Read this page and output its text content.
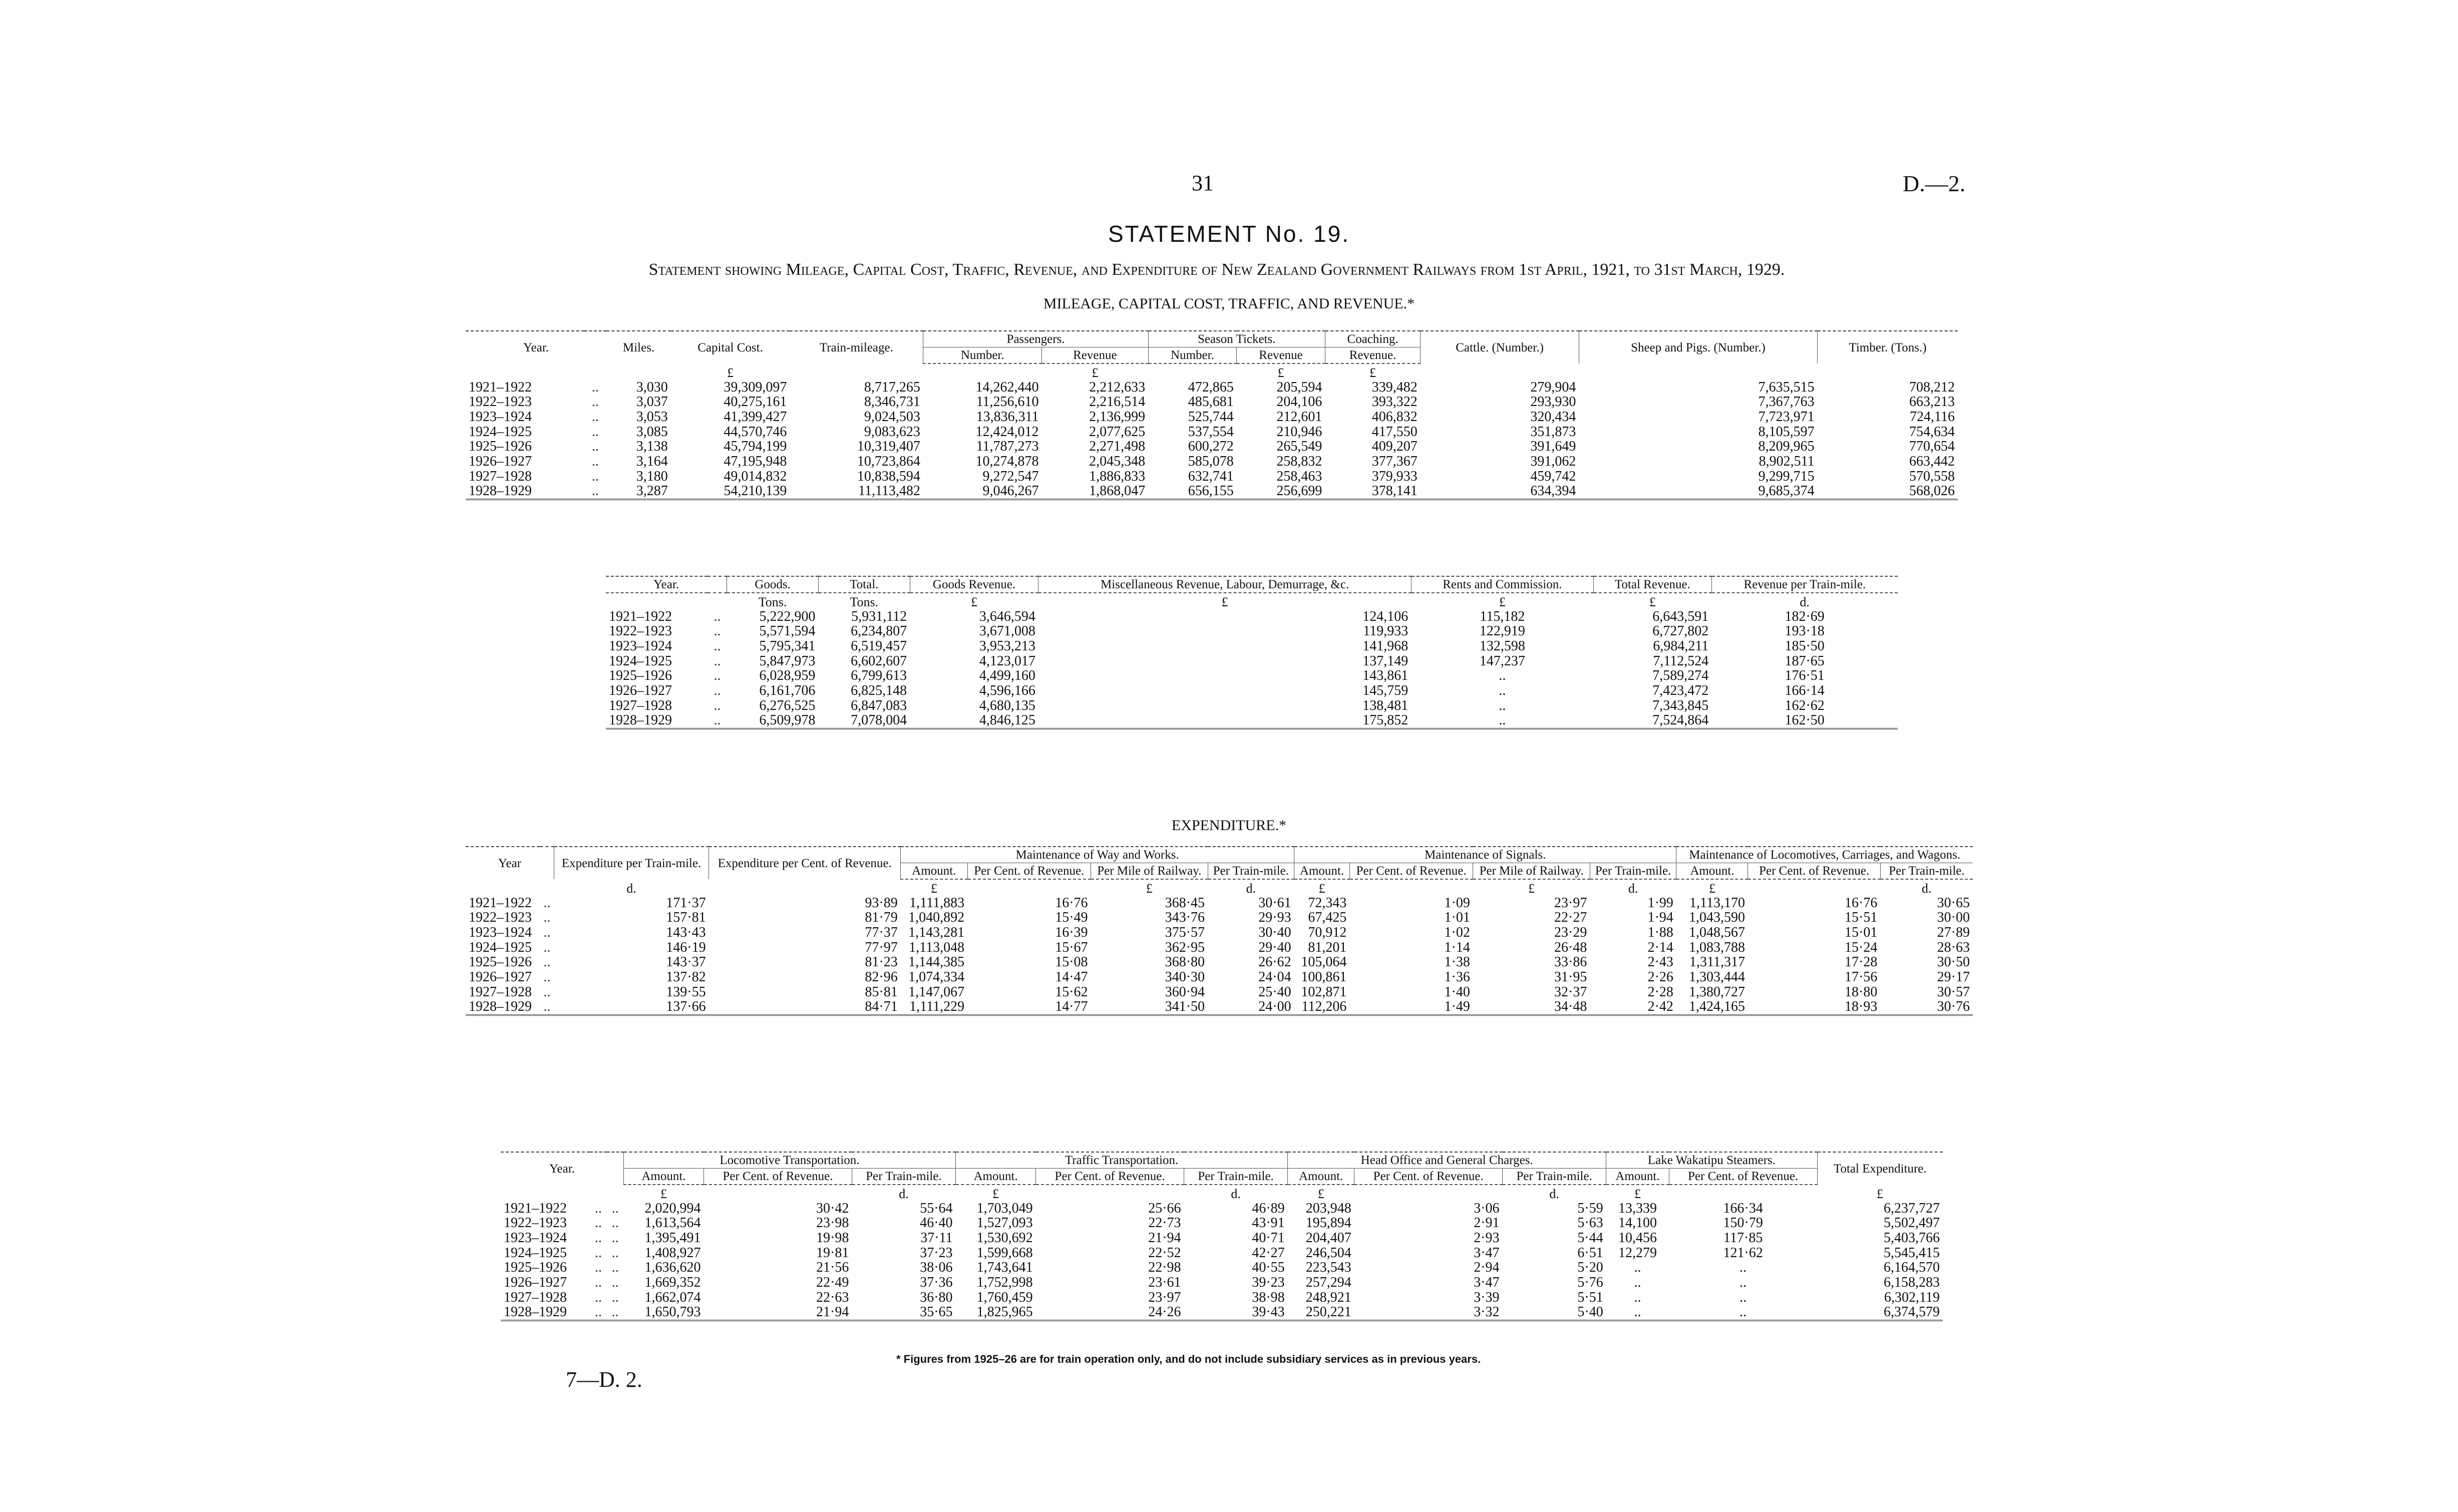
31	D.—2.
STATEMENT No. 19.
Statement showing Mileage, Capital Cost, Traffic, Revenue, and Expenditure of New Zealand Government Railways from 1st April, 1921, to 31st March, 1929.
MILEAGE, CAPITAL COST, TRAFFIC, AND REVENUE.*
Year.		Miles.	Capital Cost.	Train-mileage.	Passengers.		Season Tickets.		Coaching.	Cattle. (Number.)	Sheep and Pigs. (Number.)	Timber. (Tons.)
					Number.	Revenue	Number.	Revenue	Revenue.			
			£			£		£	£			
1921–1922	..	3,030	39,309,097	8,717,265	14,262,440	2,212,633	472,865	205,594	339,482	279,904	7,635,515	708,212
1922–1923	..	3,037	40,275,161	8,346,731	11,256,610	2,216,514	485,681	204,106	393,322	293,930	7,367,763	663,213
1923–1924	..	3,053	41,399,427	9,024,503	13,836,311	2,136,999	525,744	212,601	406,832	320,434	7,723,971	724,116
1924–1925	..	3,085	44,570,746	9,083,623	12,424,012	2,077,625	537,554	210,946	417,550	351,873	8,105,597	754,634
1925–1926	..	3,138	45,794,199	10,319,407	11,787,273	2,271,498	600,272	265,549	409,207	391,649	8,209,965	770,654
1926–1927	..	3,164	47,195,948	10,723,864	10,274,878	2,045,348	585,078	258,832	377,367	391,062	8,902,511	663,442
1927–1928	..	3,180	49,014,832	10,838,594	9,272,547	1,886,833	632,741	258,463	379,933	459,742	9,299,715	570,558
1928–1929	..	3,287	54,210,139	11,113,482	9,046,267	1,868,047	656,155	256,699	378,141	634,394	9,685,374	568,026
Year.		Goods.	Total.	Goods Revenue.	Miscellaneous Revenue, Labour, Demurrage, &c.	Rents and Commission.	Total Revenue.	Revenue per Train-mile.
		Tons.	Tons.	£	£	£	£	d.
1921–1922	..	5,222,900	5,931,112	3,646,594	124,106	115,182	6,643,591	182·69
1922–1923	..	5,571,594	6,234,807	3,671,008	119,933	122,919	6,727,802	193·18
1923–1924	..	5,795,341	6,519,457	3,953,213	141,968	132,598	6,984,211	185·50
1924–1925	..	5,847,973	6,602,607	4,123,017	137,149	147,237	7,112,524	187·65
1925–1926	..	6,028,959	6,799,613	4,499,160	143,861	..	7,589,274	176·51
1926–1927	..	6,161,706	6,825,148	4,596,166	145,759	..	7,423,472	166·14
1927–1928	..	6,276,525	6,847,083	4,680,135	138,481	..	7,343,845	162·62
1928–1929	..	6,509,978	7,078,004	4,846,125	175,852	..	7,524,864	162·50
EXPENDITURE.*
Year		Expenditure per Train-mile.	Expenditure per Cent. of Revenue.	Maintenance of Way and Works.				Maintenance of Signals.				Maintenance of Locomotives, Carriages, and Wagons.		
				Amount.	Per Cent. of Revenue.	Per Mile of Railway.	Per Train-mile.	Amount.	Per Cent. of Revenue.	Per Mile of Railway.	Per Train-mile.	Amount.	Per Cent. of Revenue.	Per Train-mile.
		d.		£		£	d.	£		£	d.	£		d.
1921–1922	..	171·37	93·89	1,111,883	16·76	368·45	30·61	72,343	1·09	23·97	1·99	1,113,170	16·76	30·65
1922–1923	..	157·81	81·79	1,040,892	15·49	343·76	29·93	67,425	1·01	22·27	1·94	1,043,590	15·51	30·00
1923–1924	..	143·43	77·37	1,143,281	16·39	375·57	30·40	70,912	1·02	23·29	1·88	1,048,567	15·01	27·89
1924–1925	..	146·19	77·97	1,113,048	15·67	362·95	29·40	81,201	1·14	26·48	2·14	1,083,788	15·24	28·63
1925–1926	..	143·37	81·23	1,144,385	15·08	368·80	26·62	105,064	1·38	33·86	2·43	1,311,317	17·28	30·50
1926–1927	..	137·82	82·96	1,074,334	14·47	340·30	24·04	100,861	1·36	31·95	2·26	1,303,444	17·56	29·17
1927–1928	..	139·55	85·81	1,147,067	15·62	360·94	25·40	102,871	1·40	32·37	2·28	1,380,727	18·80	30·57
1928–1929	..	137·66	84·71	1,111,229	14·77	341·50	24·00	112,206	1·49	34·48	2·42	1,424,165	18·93	30·76
Year.			Locomotive Transportation.			Traffic Transportation.			Head Office and General Charges.			Lake Wakatipu Steamers.		Total Expenditure.
			Amount.	Per Cent. of Revenue.	Per Train-mile.	Amount.	Per Cent. of Revenue.	Per Train-mile.	Amount.	Per Cent. of Revenue.	Per Train-mile.	Amount.	Per Cent. of Revenue.	
			£		d.	£		d.	£		d.	£		£
1921–1922	..	..	2,020,994	30·42	55·64	1,703,049	25·66	46·89	203,948	3·06	5·59	13,339	166·34	6,237,727
1922–1923	..	..	1,613,564	23·98	46·40	1,527,093	22·73	43·91	195,894	2·91	5·63	14,100	150·79	5,502,497
1923–1924	..	..	1,395,491	19·98	37·11	1,530,692	21·94	40·71	204,407	2·93	5·44	10,456	117·85	5,403,766
1924–1925	..	..	1,408,927	19·81	37·23	1,599,668	22·52	42·27	246,504	3·47	6·51	12,279	121·62	5,545,415
1925–1926	..	..	1,636,620	21·56	38·06	1,743,641	22·98	40·55	223,543	2·94	5·20	..	..	6,164,570
1926–1927	..	..	1,669,352	22·49	37·36	1,752,998	23·61	39·23	257,294	3·47	5·76	..	..	6,158,283
1927–1928	..	..	1,662,074	22·63	36·80	1,760,459	23·97	38·98	248,921	3·39	5·51	..	..	6,302,119
1928–1929	..	..	1,650,793	21·94	35·65	1,825,965	24·26	39·43	250,221	3·32	5·40	..	..	6,374,579
* Figures from 1925–26 are for train operation only, and do not include subsidiary services as in previous years.
7—D. 2.
